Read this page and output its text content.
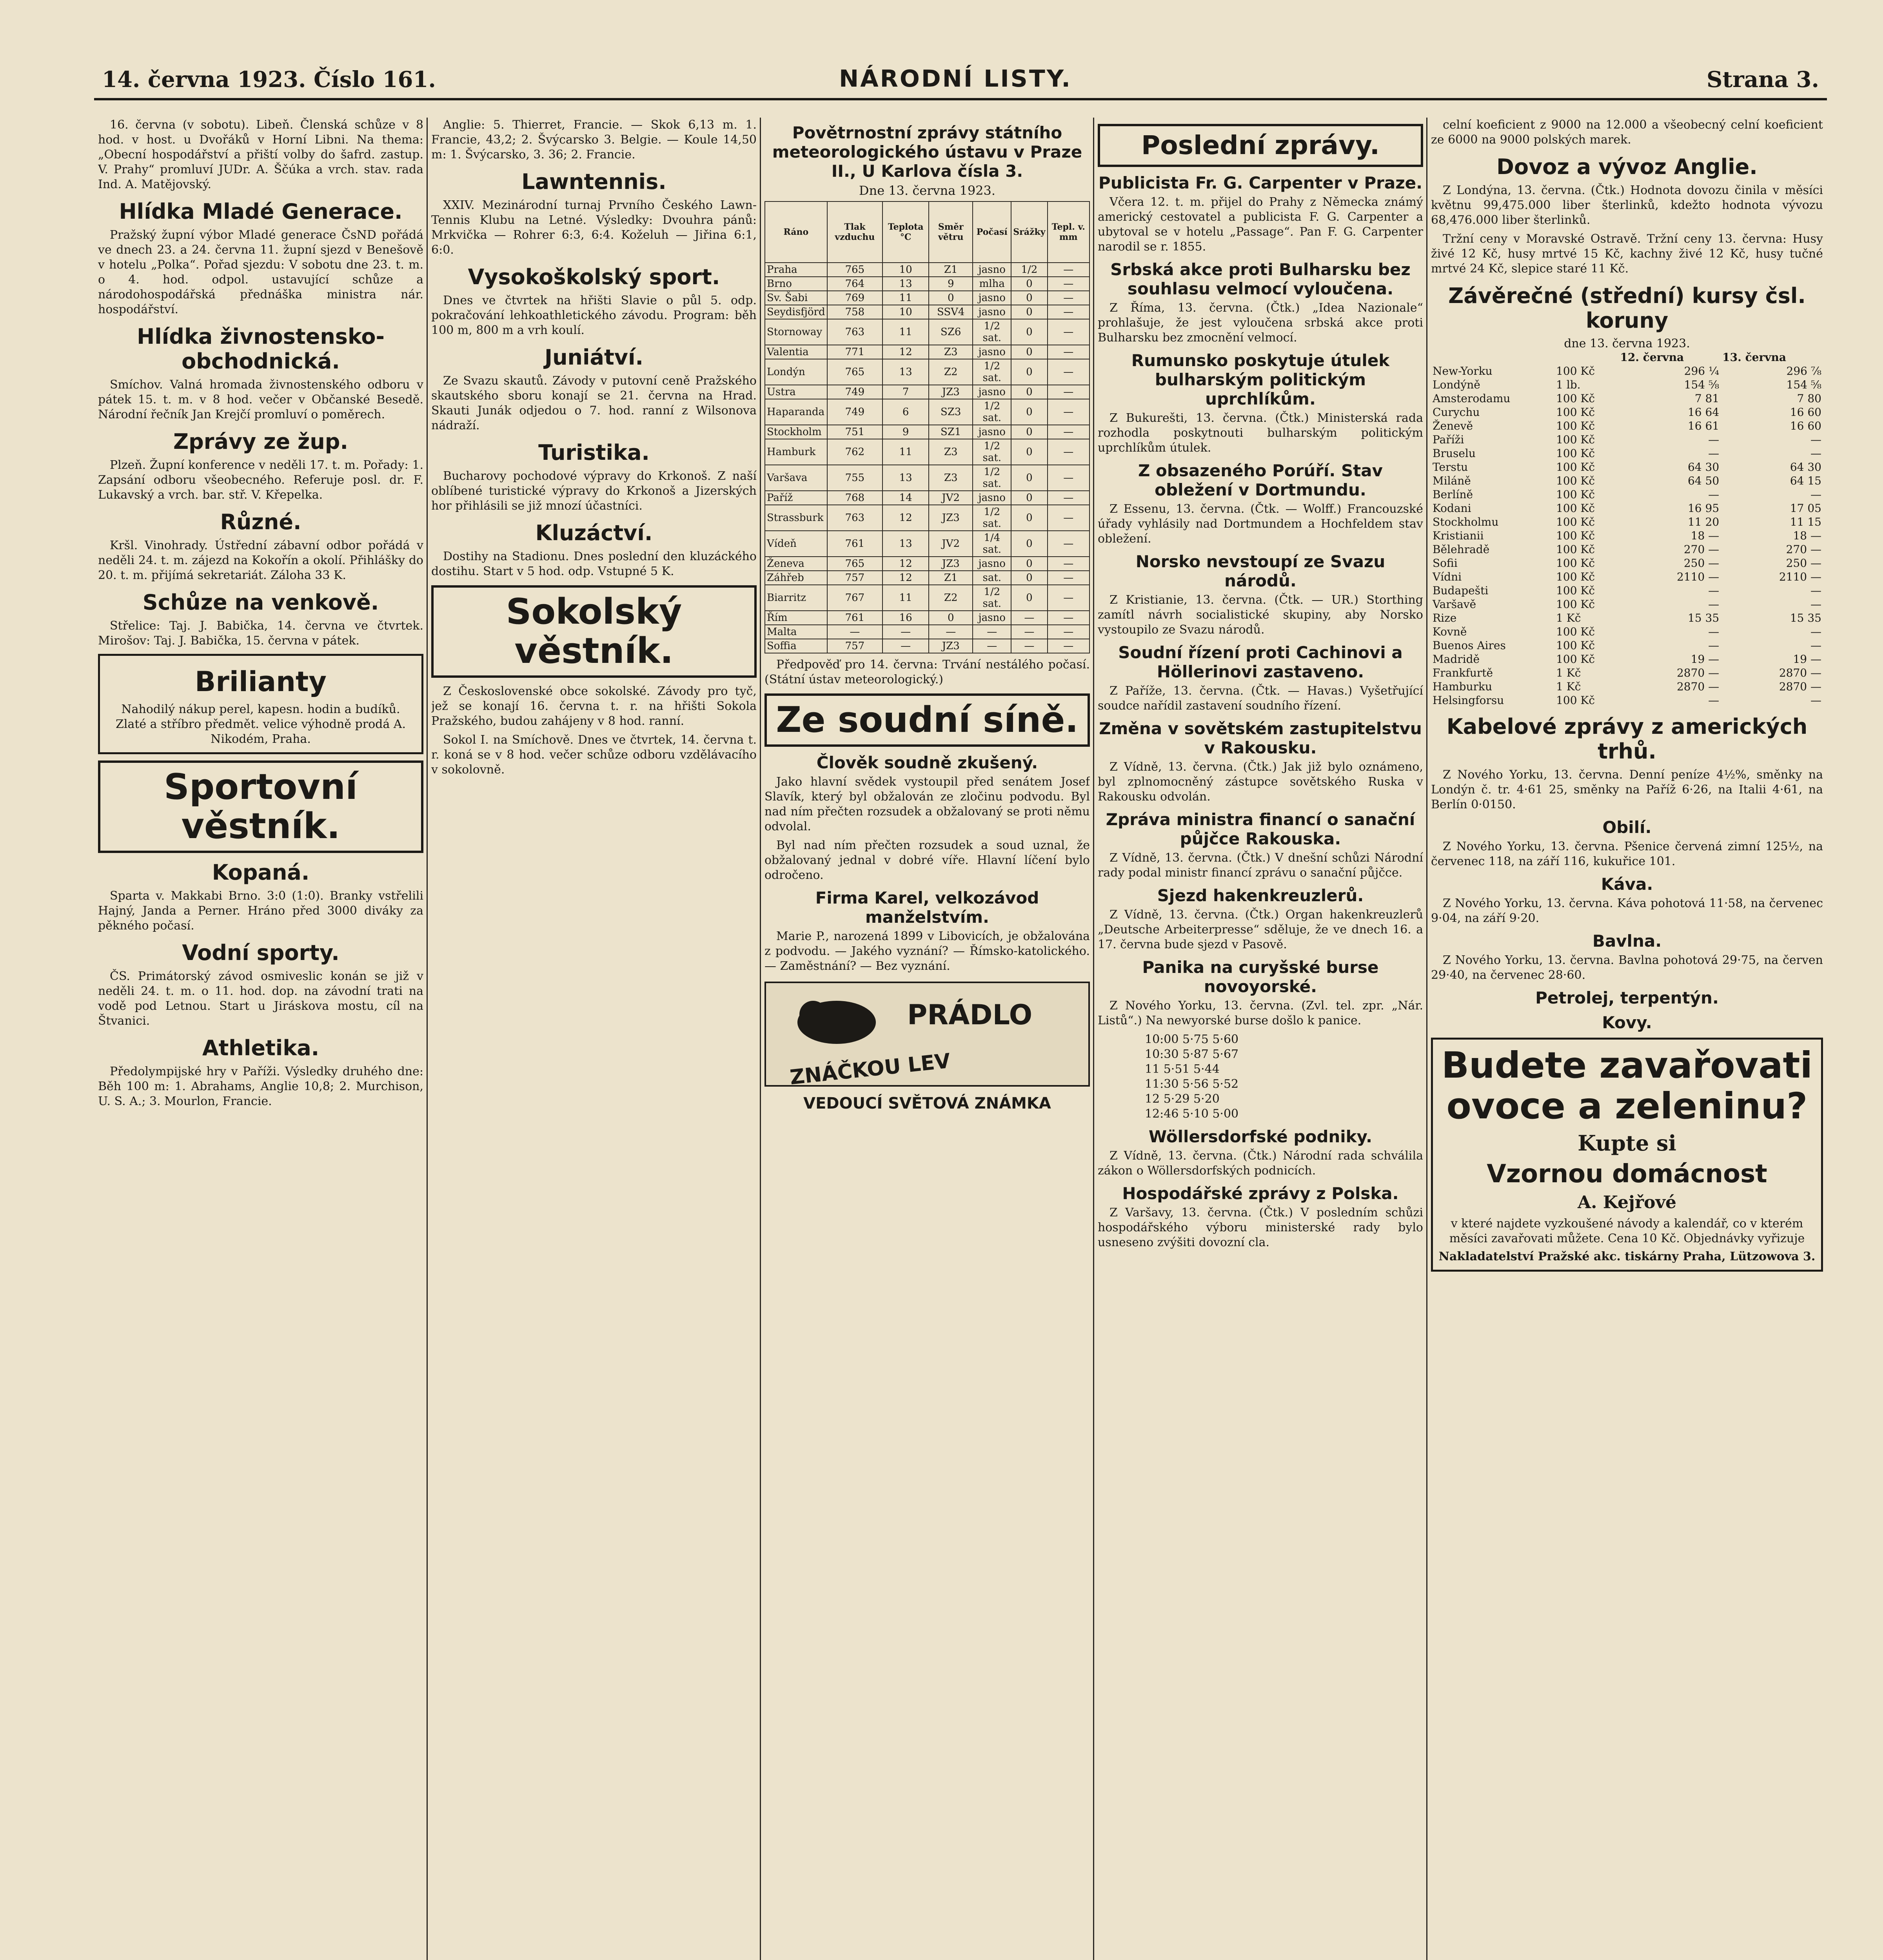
14. června 1923. Číslo 161.	NÁRODNÍ LISTY.	Strana 3.

16. června (v sobotu). Libeň. Členská schůze v 8 hod. v host. u Dvořáků v Horní Libni. Na thema: „Obecní hospodářství a přiští volby do šafrd. zastup. V. Prahy“ promluví JUDr. A. Ščúka a vrch. stav. rada Ind. A. Matějovský.

Hlídka Mladé Generace.

Pražský župní výbor Mladé generace ČsND pořádá ve dnech 23. a 24. června 11. župní sjezd v Benešově v hotelu „Polka“. Pořad sjezdu: V sobotu dne 23. t. m. o 4. hod. odpol. ustavující schůze a národohospodářská přednáška ministra nár. hospodářství.

Hlídka živnostensko-obchodnická.

Smíchov. Valná hromada živnostenského odboru v pátek 15. t. m. v 8 hod. večer v Občanské Besedě. Národní řečník Jan Krejčí promluví o poměrech.

Zprávy ze žup.

Plzeň. Župní konference v neděli 17. t. m. Pořady: 1. Zapsání odboru všeobecného. Referuje posl. dr. F. Lukavský a vrch. bar. stř. V. Křepelka.

Různé.

Kršl. Vinohrady. Ústřední zábavní odbor pořádá v neděli 24. t. m. zájezd na Kokořín a okolí. Přihlášky do 20. t. m. přijímá sekretariát. Záloha 33 K.

Schůze na venkově.

Střelice: Taj. J. Babička, 14. června ve čtvrtek. Mirošov: Taj. J. Babička, 15. června v pátek.

Brilianty
Nahodilý nákup perel, kapesn. hodin a budíků. Zlaté a stříbro předmět. velice výhodně prodá A. Nikodém, Praha.
Sportovní věstník.
Kopaná.

Sparta v. Makkabi Brno. 3:0 (1:0). Branky vstřelili Hajný, Janda a Perner. Hráno před 3000 diváky za pěkného počasí.

Vodní sporty.

ČS. Primátorský závod osmiveslic konán se již v neděli 24. t. m. o 11. hod. dop. na závodní trati na vodě pod Letnou. Start u Jiráskova mostu, cíl na Štvanici.

Athletika.

Předolympijské hry v Paříži. Výsledky druhého dne: Běh 100 m: 1. Abrahams, Anglie 10,8; 2. Murchison, U. S. A.; 3. Mourlon, Francie.

Anglie: 5. Thierret, Francie. — Skok 6,13 m. 1. Francie, 43,2; 2. Švýcarsko 3. Belgie. — Koule 14,50 m: 1. Švýcarsko, 3. 36; 2. Francie.

Lawntennis.

XXIV. Mezinárodní turnaj Prvního Českého Lawn-Tennis Klubu na Letné. Výsledky: Dvouhra pánů: Mrkvička — Rohrer 6:3, 6:4. Koželuh — Jiřina 6:1, 6:0.

Vysokoškolský sport.

Dnes ve čtvrtek na hřišti Slavie o půl 5. odp. pokračování lehkoathletického závodu. Program: běh 100 m, 800 m a vrh koulí.

Juniátví.

Ze Svazu skautů. Závody v putovní ceně Pražského skautského sboru konají se 21. června na Hrad. Skauti Junák odjedou o 7. hod. ranní z Wilsonova nádraží.

Turistika.

Bucharovy pochodové výpravy do Krkonoš. Z naší oblíbené turistické výpravy do Krkonoš a Jizerských hor přihlásili se již mnozí účastníci.

Kluzáctví.

Dostihy na Stadionu. Dnes poslední den kluzáckého dostihu. Start v 5 hod. odp. Vstupné 5 K.

Sokolský věstník.

Z Československé obce sokolské. Závody pro tyč, jež se konají 16. června t. r. na hřišti Sokola Pražského, budou zahájeny v 8 hod. ranní.

Sokol I. na Smíchově. Dnes ve čtvrtek, 14. června t. r. koná se v 8 hod. večer schůze odboru vzdělávacího v sokolovně.

Povětrnostní zprávy státního meteorologického ústavu v Praze II., U Karlova čísla 3.
Dne 13. června 1923.
Ráno	Tlak vzduchu	Teplota °C	Směr větru	Počasí	Srážky	Tepl. v. mm
Praha	765	10	Z1	jasno	1/2	—
Brno	764	13	9	mlha	0	—
Sv. Šabi	769	11	0	jasno	0	—
Seydisfjörd	758	10	SSV4	jasno	0	—
Stornoway	763	11	SZ6	1/2 sat.	0	—
Valentia	771	12	Z3	jasno	0	—
Londýn	765	13	Z2	1/2 sat.	0	—
Ustra	749	7	JZ3	jasno	0	—
Haparanda	749	6	SZ3	1/2 sat.	0	—
Stockholm	751	9	SZ1	jasno	0	—
Hamburk	762	11	Z3	1/2 sat.	0	—
Varšava	755	13	Z3	1/2 sat.	0	—
Paříž	768	14	JV2	jasno	0	—
Strassburk	763	12	JZ3	1/2 sat.	0	—
Vídeň	761	13	JV2	1/4 sat.	0	—
Ženeva	765	12	JZ3	jasno	0	—
Záhřeb	757	12	Z1	sat.	0	—
Biarritz	767	11	Z2	1/2 sat.	0	—
Řím	761	16	0	jasno	—	—
Malta	—	—	—	—	—	—
Soffia	757	—	JZ3	—	—	—

Předpověď pro 14. června: Trvání nestálého počasí. (Státní ústav meteorologický.)

Ze soudní síně.
Člověk soudně zkušený.

Jako hlavní svědek vystoupil před senátem Josef Slavík, který byl obžalován ze zločinu podvodu. Byl nad ním přečten rozsudek a obžalovaný se proti němu odvolal.

Byl nad ním přečten rozsudek a soud uznal, že obžalovaný jednal v dobré víře. Hlavní líčení bylo odročeno.

Firma Karel, velkozávod manželstvím.

Marie P., narozená 1899 v Libovicích, je obžalována z podvodu. — Jakého vyznání? — Římsko-katolického. — Zaměstnání? — Bez vyznání.

PRÁDLO
ZNÁČKOU LEV
VEDOUCÍ SVĚTOVÁ ZNÁMKA
Poslední zprávy.
Publicista Fr. G. Carpenter v Praze.

Včera 12. t. m. přijel do Prahy z Německa známý americký cestovatel a publicista F. G. Carpenter a ubytoval se v hotelu „Passage“. Pan F. G. Carpenter narodil se r. 1855.

Srbská akce proti Bulharsku bez souhlasu velmocí vyloučena.

Z Říma, 13. června. (Čtk.) „Idea Nazionale“ prohlašuje, že jest vyloučena srbská akce proti Bulharsku bez zmocnění velmocí.

Rumunsko poskytuje útulek bulharským politickým uprchlíkům.

Z Bukurešti, 13. června. (Čtk.) Ministerská rada rozhodla poskytnouti bulharským politickým uprchlíkům útulek.

Z obsazeného Porúří. Stav obležení v Dortmundu.

Z Essenu, 13. června. (Čtk. — Wolff.) Francouzské úřady vyhlásily nad Dortmundem a Hochfeldem stav obležení.

Norsko nevstoupí ze Svazu národů.

Z Kristianie, 13. června. (Čtk. — UR.) Storthing zamítl návrh socialistické skupiny, aby Norsko vystoupilo ze Svazu národů.

Soudní řízení proti Cachinovi a Höllerinovi zastaveno.

Z Paříže, 13. června. (Čtk. — Havas.) Vyšetřující soudce nařídil zastavení soudního řízení.

Změna v sovětském zastupitelstvu v Rakousku.

Z Vídně, 13. června. (Čtk.) Jak již bylo oznámeno, byl zplnomocněný zástupce sovětského Ruska v Rakousku odvolán.

Zpráva ministra financí o sanační půjčce Rakouska.

Z Vídně, 13. června. (Čtk.) V dnešní schůzi Národní rady podal ministr financí zprávu o sanační půjčce.

Sjezd hakenkreuzlerů.

Z Vídně, 13. června. (Čtk.) Organ hakenkreuzlerů „Deutsche Arbeiterpresse“ sděluje, že ve dnech 16. a 17. června bude sjezd v Pasově.

Panika na curyšské burse novoyorské.

Z Nového Yorku, 13. června. (Zvl. tel. zpr. „Nár. Listů“.) Na newyorské burse došlo k panice.

10:00 5·75 5·60
10:30 5·87 5·67
11 5·51 5·44
11:30 5·56 5·52
12 5·29 5·20
12:46 5·10 5·00
Wöllersdorfské podniky.

Z Vídně, 13. června. (Čtk.) Národní rada schválila zákon o Wöllersdorfských podnicích.

Hospodářské zprávy z Polska.

Z Varšavy, 13. června. (Čtk.) V posledním schůzi hospodářského výboru ministerské rady bylo usneseno zvýšiti dovozní cla.

celní koeficient z 9000 na 12.000 a všeobecný celní koeficient ze 6000 na 9000 polských marek.

Dovoz a vývoz Anglie.

Z Londýna, 13. června. (Čtk.) Hodnota dovozu činila v měsíci květnu 99,475.000 liber šterlinků, kdežto hodnota vývozu 68,476.000 liber šterlinků.

Tržní ceny v Moravské Ostravě. Tržní ceny 13. června: Husy živé 12 Kč, husy mrtvé 15 Kč, kachny živé 12 Kč, husy tučné mrtvé 24 Kč, slepice staré 11 Kč.

Závěrečné (střední) kursy čsl. koruny
dne 13. června 1923.
		12. června	13. června
New-Yorku	100 Kč	296 ¼	296 ⅞
Londýně	1 lb.	154 ⅝	154 ⅝
Amsterodamu	100 Kč	7 81	7 80
Curychu	100 Kč	16 64	16 60
Ženevě	100 Kč	16 61	16 60
Paříži	100 Kč	—	—
Bruselu	100 Kč	—	—
Terstu	100 Kč	64 30	64 30
Miláně	100 Kč	64 50	64 15
Berlíně	100 Kč	—	—
Kodani	100 Kč	16 95	17 05
Stockholmu	100 Kč	11 20	11 15
Kristianii	100 Kč	18 —	18 —
Bělehradě	100 Kč	270 —	270 —
Sofii	100 Kč	250 —	250 —
Vídni	100 Kč	2110 —	2110 —
Budapešti	100 Kč	—	—
Varšavě	100 Kč	—	—
Rize	1 Kč	15 35	15 35
Kovně	100 Kč	—	—
Buenos Aires	100 Kč	—	—
Madridě	100 Kč	19 —	19 —
Frankfurtě	1 Kč	2870 —	2870 —
Hamburku	1 Kč	2870 —	2870 —
Helsingforsu	100 Kč	—	—
Kabelové zprávy z amerických trhů.

Z Nového Yorku, 13. června. Denní peníze 4½%, směnky na Londýn č. tr. 4·61 25, směnky na Paříž 6·26, na Italii 4·61, na Berlín 0·0150.

Obilí.

Z Nového Yorku, 13. června. Pšenice červená zimní 125½, na červenec 118, na září 116, kukuřice 101.

Káva.

Z Nového Yorku, 13. června. Káva pohotová 11·58, na červenec 9·04, na září 9·20.

Bavlna.

Z Nového Yorku, 13. června. Bavlna pohotová 29·75, na červen 29·40, na červenec 28·60.

Petrolej, terpentýn.
Kovy.
Budete zavařovati ovoce a zeleninu?
Kupte si
Vzornou domácnost
A. Kejřové
v které najdete vyzkoušené návody a kalendář, co v kterém měsíci zavařovati můžete. Cena 10 Kč. Objednávky vyřizuje
Nakladatelství Pražské akc. tiskárny Praha, Lützowova 3.
